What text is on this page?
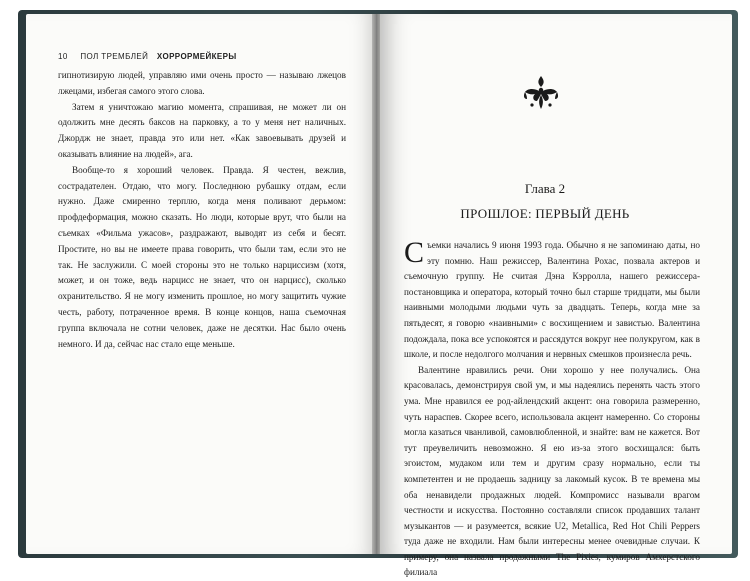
10 ПОЛ ТРЕМБЛЕЙ ХОРРОРМЕЙКЕРЫ

гипнотизирую людей, управляю ими очень просто — называю лжецов лжецами, избегая самого этого слова.

Затем я уничтожаю магию момента, спрашивая, не может ли он одолжить мне десять баксов на парковку, а то у меня нет наличных. Джордж не знает, правда это или нет. «Как завоевывать друзей и оказывать влияние на людей», ага.

Вообще-то я хороший человек. Правда. Я честен, вежлив, сострадателен. Отдаю, что могу. Последнюю рубашку отдам, если нужно. Даже смиренно терплю, когда меня поливают дерьмом: профдеформация, можно сказать. Но люди, которые врут, что были на съемках «Фильма ужасов», раздражают, выводят из себя и бесят. Простите, но вы не имеете права говорить, что были там, если это не так. Не заслужили. С моей стороны это не только нарциссизм (хотя, может, и он тоже, ведь нарцисс не знает, что он нарцисс), сколько охранительство. Я не могу изменить прошлое, но могу защитить чужие честь, работу, потраченное время. В конце концов, наша съемочная группа включала не сотни человек, даже не десятки. Нас было очень немного. И да, сейчас нас стало еще меньше.

Глава 2
ПРОШЛОЕ: ПЕРВЫЙ ДЕНЬ

Съемки начались 9 июня 1993 года. Обычно я не запоминаю даты, но эту помню. Наш режиссер, Валентина Рохас, позвала актеров и съемочную группу. Не считая Дэна Кэрролла, нашего режиссера-постановщика и оператора, который точно был старше тридцати, мы были наивными молодыми людьми чуть за двадцать. Теперь, когда мне за пятьдесят, я говорю «наивными» с восхищением и завистью. Валентина подождала, пока все успокоятся и рассядутся вокруг нее полукругом, как в школе, и после недолгого молчания и нервных смешков произнесла речь.

Валентине нравились речи. Они хорошо у нее получались. Она красовалась, демонстрируя свой ум, и мы надеялись перенять часть этого ума. Мне нравился ее род-айлендский акцент: она говорила размеренно, чуть нараспев. Скорее всего, использовала акцент намеренно. Со стороны могла казаться чванливой, самовлюбленной, и знайте: вам не кажется. Вот тут преувеличить невозможно. Я ею из-за этого восхищался: быть эгоистом, мудаком или тем и другим сразу нормально, если ты компетентен и не продаешь задницу за лакомый кусок. В те времена мы оба ненавидели продажных людей. Компромисс называли врагом честности и искусства. Постоянно составляли список продавших талант музыкантов — и разумеется, всякие U2, Metallica, Red Hot Chili Peppers туда даже не входили. Нам были интересны менее очевидные случаи. К примеру, она назвала продажными The Pixies, кумиров Амхерстского филиала
